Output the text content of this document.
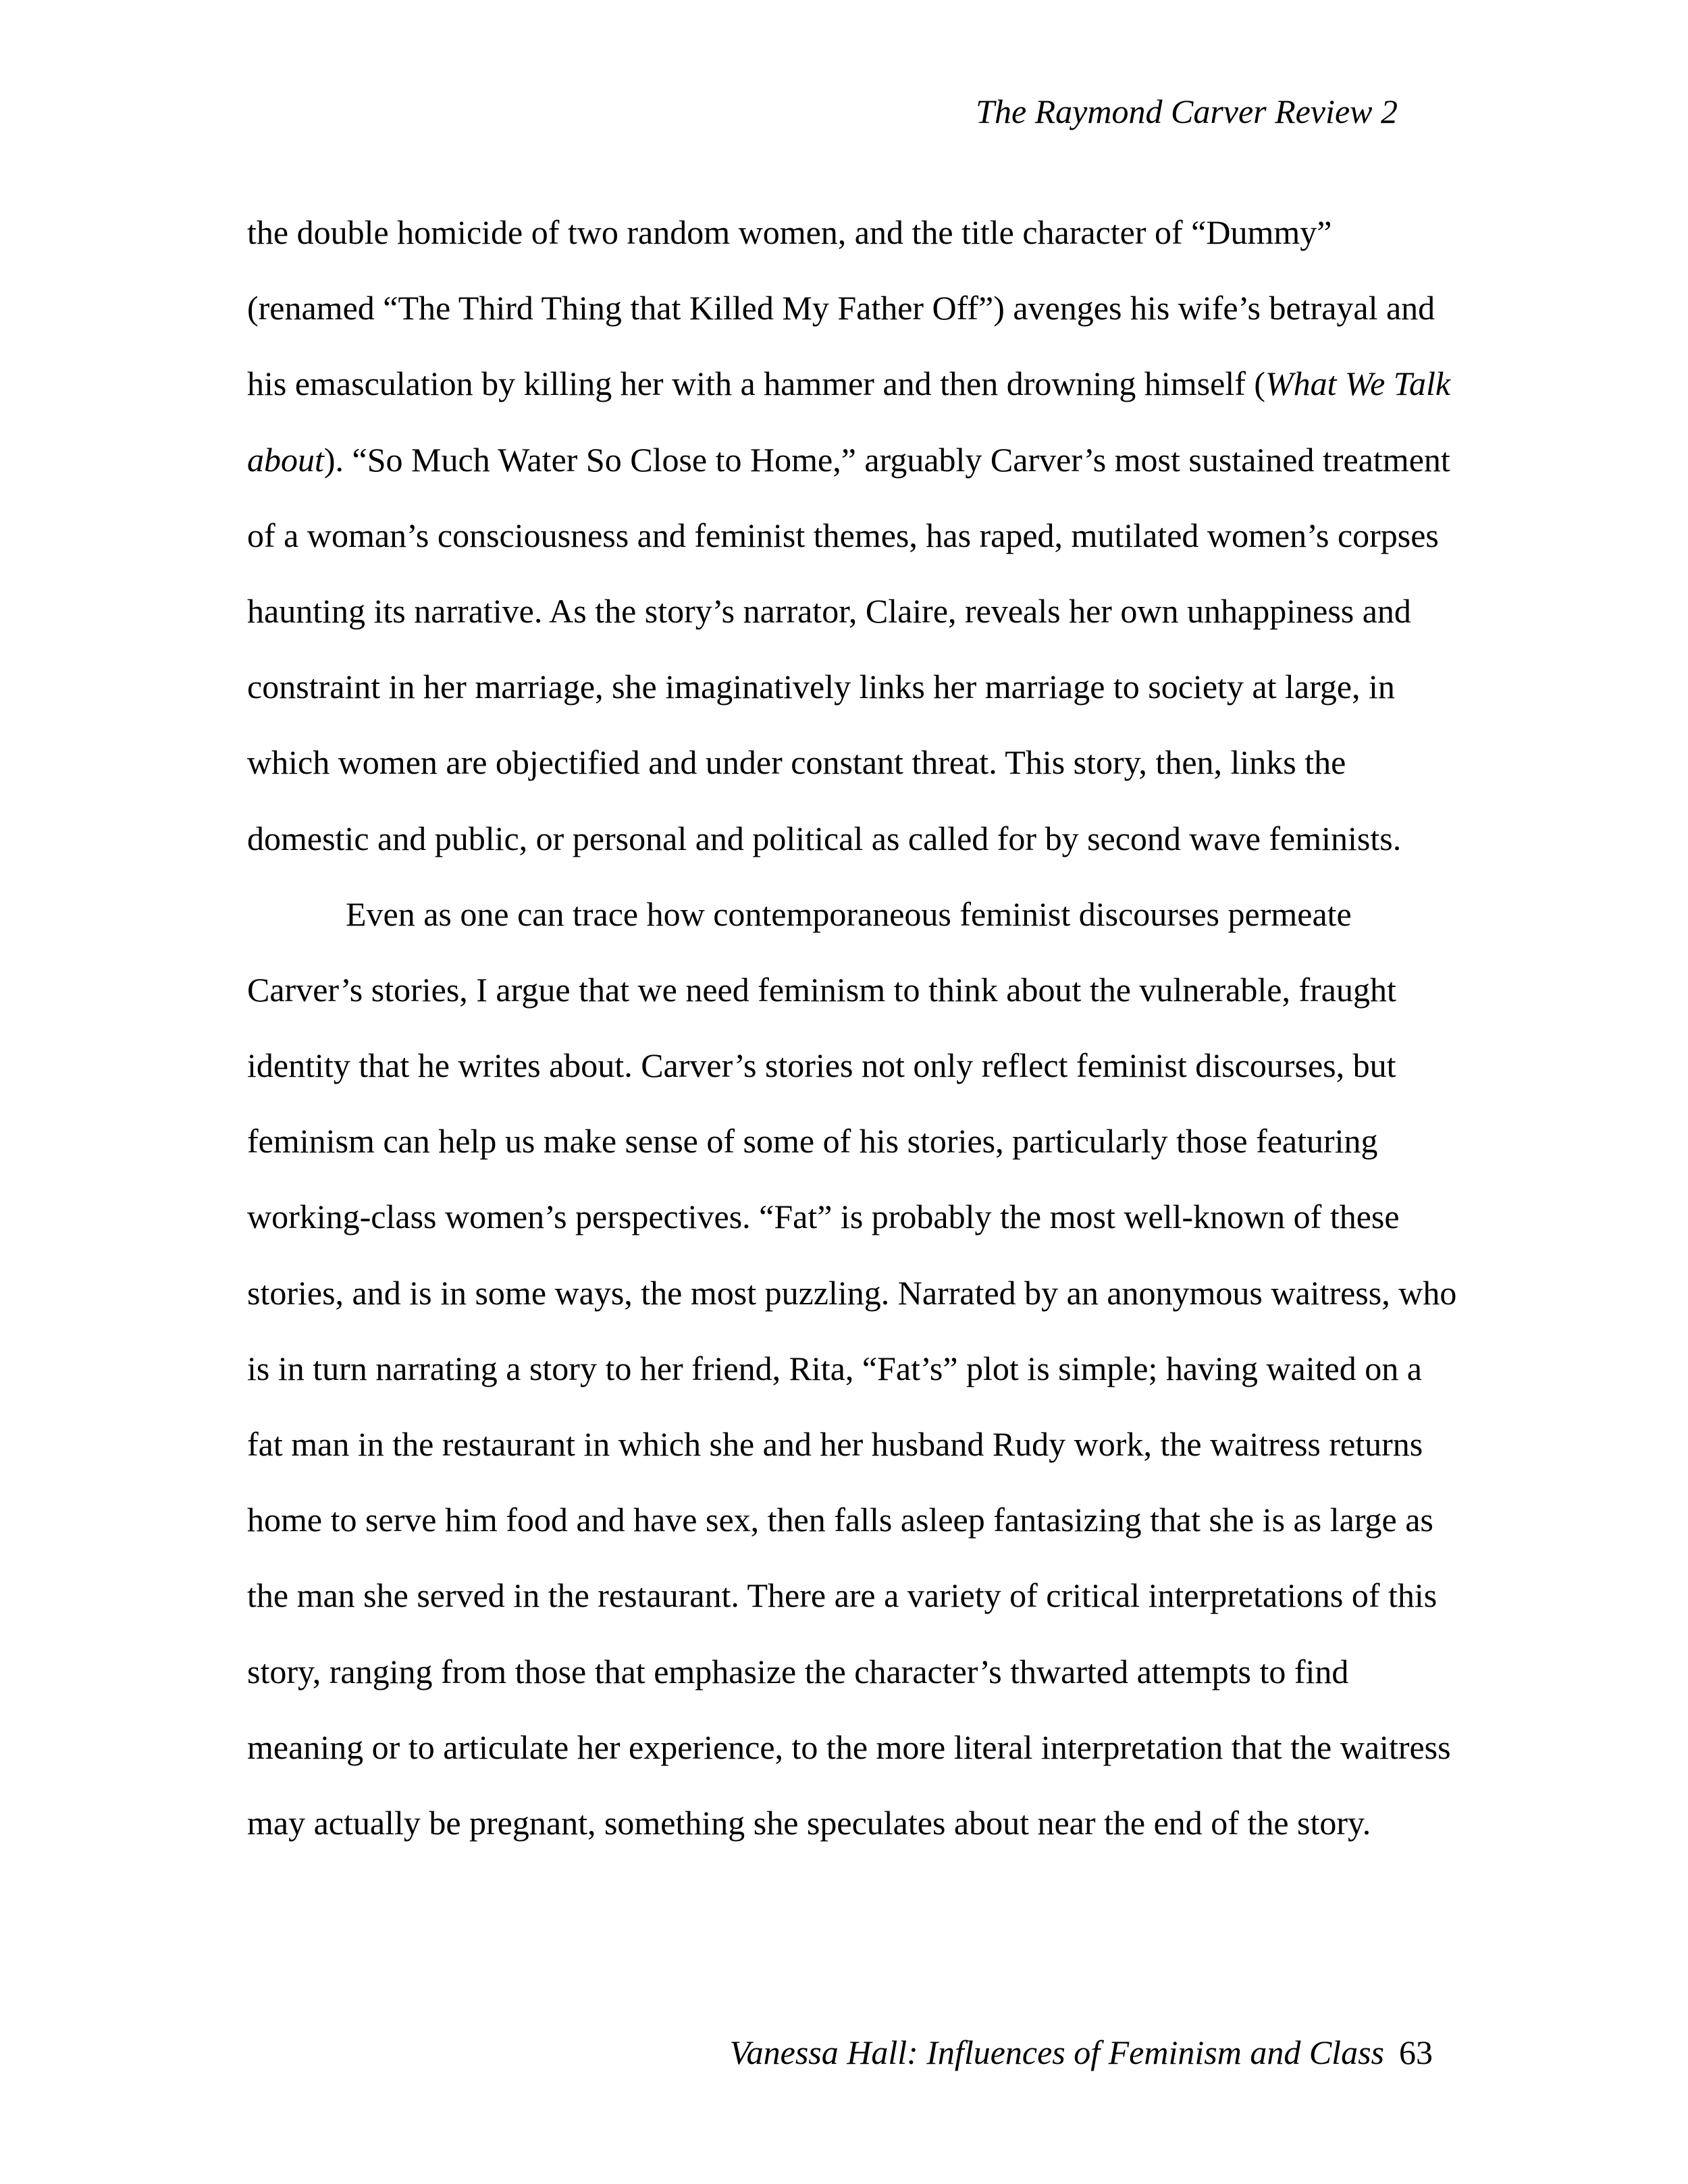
The Raymond Carver Review 2
the double homicide of two random women, and the title character of “Dummy”
(renamed “The Third Thing that Killed My Father Off”) avenges his wife’s betrayal and
his emasculation by killing her with a hammer and then drowning himself (What We Talk
about). “So Much Water So Close to Home,” arguably Carver’s most sustained treatment
of a woman’s consciousness and feminist themes, has raped, mutilated women’s corpses
haunting its narrative. As the story’s narrator, Claire, reveals her own unhappiness and
constraint in her marriage, she imaginatively links her marriage to society at large, in
which women are objectified and under constant threat. This story, then, links the
domestic and public, or personal and political as called for by second wave feminists.
Even as one can trace how contemporaneous feminist discourses permeate
Carver’s stories, I argue that we need feminism to think about the vulnerable, fraught
identity that he writes about. Carver’s stories not only reflect feminist discourses, but
feminism can help us make sense of some of his stories, particularly those featuring
working-class women’s perspectives. “Fat” is probably the most well-known of these
stories, and is in some ways, the most puzzling. Narrated by an anonymous waitress, who
is in turn narrating a story to her friend, Rita, “Fat’s” plot is simple; having waited on a
fat man in the restaurant in which she and her husband Rudy work, the waitress returns
home to serve him food and have sex, then falls asleep fantasizing that she is as large as
the man she served in the restaurant. There are a variety of critical interpretations of this
story, ranging from those that emphasize the character’s thwarted attempts to find
meaning or to articulate her experience, to the more literal interpretation that the waitress
may actually be pregnant, something she speculates about near the end of the story.
Vanessa Hall: Influences of Feminism and Class 63
